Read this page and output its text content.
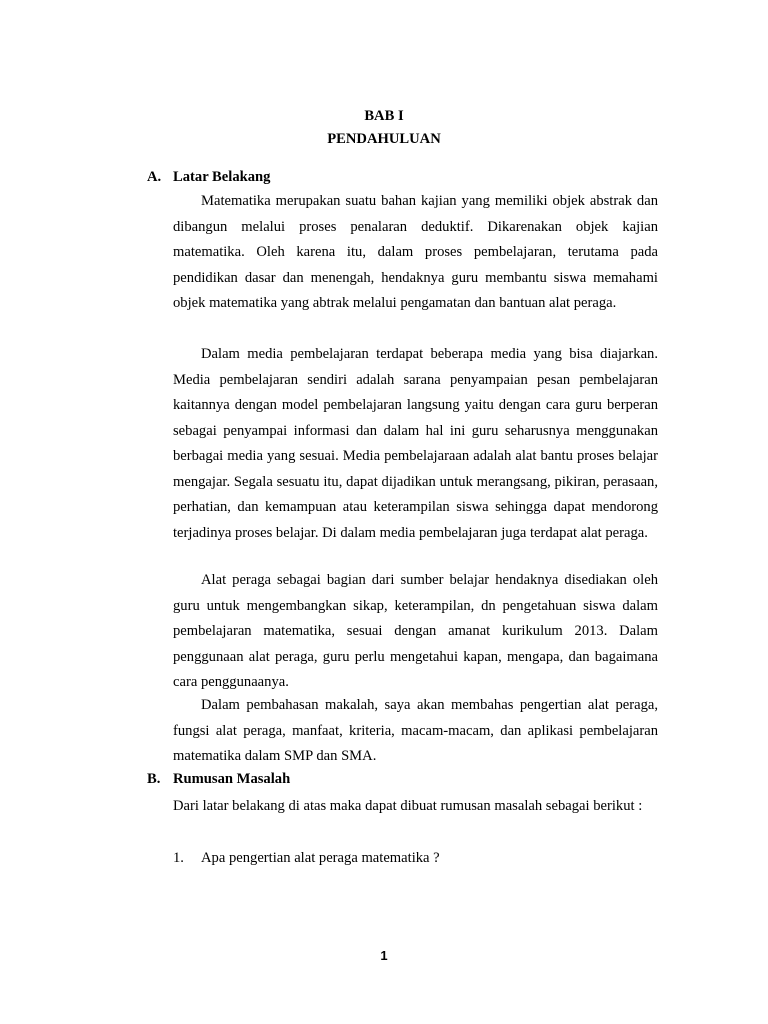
BAB I
PENDAHULUAN
A. Latar Belakang

Matematika merupakan suatu bahan kajian yang memiliki objek abstrak dan dibangun melalui proses penalaran deduktif. Dikarenakan objek kajian matematika. Oleh karena itu, dalam proses pembelajaran, terutama pada pendidikan dasar dan menengah, hendaknya guru membantu siswa memahami objek matematika yang abtrak melalui pengamatan dan bantuan alat peraga.

Dalam media pembelajaran terdapat beberapa media yang bisa diajarkan. Media pembelajaran sendiri adalah sarana penyampaian pesan pembelajaran kaitannya dengan model pembelajaran langsung yaitu dengan cara guru berperan sebagai penyampai informasi dan dalam hal ini guru seharusnya menggunakan berbagai media yang sesuai. Media pembelajaraan adalah alat bantu proses belajar mengajar. Segala sesuatu itu, dapat dijadikan untuk merangsang, pikiran, perasaan, perhatian, dan kemampuan atau keterampilan siswa sehingga dapat mendorong terjadinya proses belajar. Di dalam media pembelajaran juga terdapat alat peraga.

Alat peraga sebagai bagian dari sumber belajar hendaknya disediakan oleh guru untuk mengembangkan sikap, keterampilan, dn pengetahuan siswa dalam pembelajaran matematika, sesuai dengan amanat kurikulum 2013. Dalam penggunaan alat peraga, guru perlu mengetahui kapan, mengapa, dan bagaimana cara penggunaanya.

Dalam pembahasan makalah, saya akan membahas pengertian alat peraga, fungsi alat peraga, manfaat, kriteria, macam-macam, dan aplikasi pembelajaran matematika dalam SMP dan SMA.

B. Rumusan Masalah

Dari latar belakang di atas maka dapat dibuat rumusan masalah sebagai berikut :

1. Apa pengertian alat peraga matematika ?
1
